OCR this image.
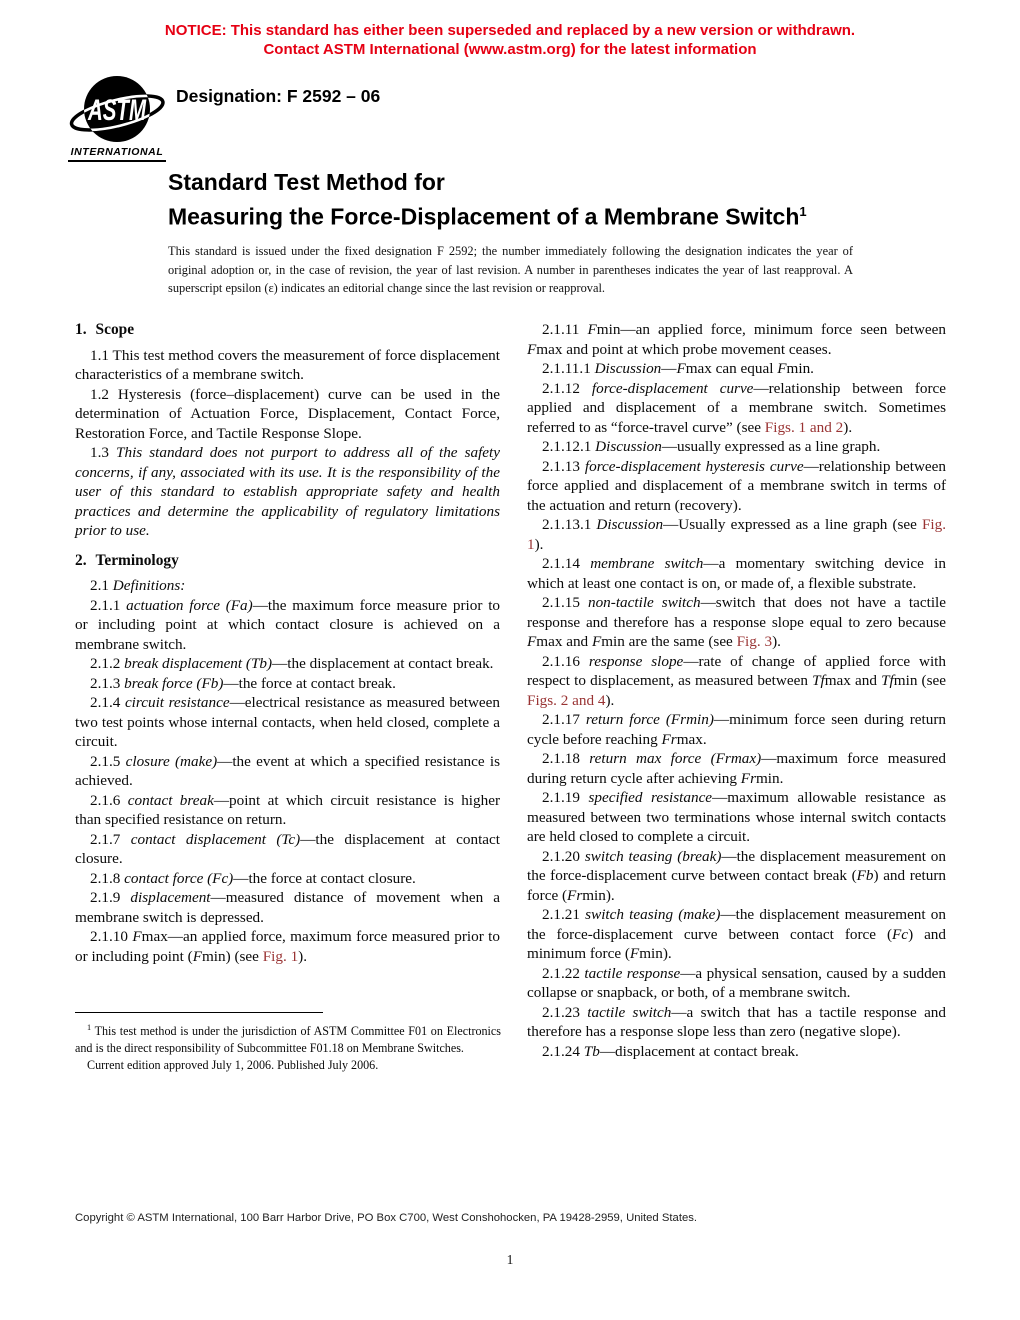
NOTICE: This standard has either been superseded and replaced by a new version or withdrawn.
Contact ASTM International (www.astm.org) for the latest information
ASTM
INTERNATIONAL
Designation: F 2592 – 06
Standard Test Method for
Measuring the Force-Displacement of a Membrane Switch$^1$

This standard is issued under the fixed designation F 2592; the number immediately following the designation indicates the year of original adoption or, in the case of revision, the year of last revision. A number in parentheses indicates the year of last reapproval. A superscript epsilon (ε) indicates an editorial change since the last revision or reapproval.

1. Scope

1.1 This test method covers the measurement of force displacement characteristics of a membrane switch.

1.2 Hysteresis (force–displacement) curve can be used in the determination of Actuation Force, Displacement, Contact Force, Restoration Force, and Tactile Response Slope.

1.3 This standard does not purport to address all of the safety concerns, if any, associated with its use. It is the responsibility of the user of this standard to establish appropriate safety and health practices and determine the applicability of regulatory limitations prior to use.

2. Terminology

2.1 Definitions:

2.1.1 actuation force (Fa)—the maximum force measure prior to or including point at which contact closure is achieved on a membrane switch.

2.1.2 break displacement (Tb)—the displacement at contact break.

2.1.3 break force (Fb)—the force at contact break.

2.1.4 circuit resistance—electrical resistance as measured between two test points whose internal contacts, when held closed, complete a circuit.

2.1.5 closure (make)—the event at which a specified resistance is achieved.

2.1.6 contact break—point at which circuit resistance is higher than specified resistance on return.

2.1.7 contact displacement (Tc)—the displacement at contact closure.

2.1.8 contact force (Fc)—the force at contact closure.

2.1.9 displacement—measured distance of movement when a membrane switch is depressed.

2.1.10 Fmax—an applied force, maximum force measured prior to or including point (Fmin) (see Fig. 1).

2.1.11 Fmin—an applied force, minimum force seen between Fmax and point at which probe movement ceases.

2.1.11.1 Discussion—Fmax can equal Fmin.

2.1.12 force-displacement curve—relationship between force applied and displacement of a membrane switch. Sometimes referred to as “force-travel curve” (see Figs. 1 and 2).

2.1.12.1 Discussion—usually expressed as a line graph.

2.1.13 force-displacement hysteresis curve—relationship between force applied and displacement of a membrane switch in terms of the actuation and return (recovery).

2.1.13.1 Discussion—Usually expressed as a line graph (see Fig. 1).

2.1.14 membrane switch—a momentary switching device in which at least one contact is on, or made of, a flexible substrate.

2.1.15 non-tactile switch—switch that does not have a tactile response and therefore has a response slope equal to zero because Fmax and Fmin are the same (see Fig. 3).

2.1.16 response slope—rate of change of applied force with respect to displacement, as measured between Tfmax and Tfmin (see Figs. 2 and 4).

2.1.17 return force (Frmin)—minimum force seen during return cycle before reaching Frmax.

2.1.18 return max force (Frmax)—maximum force measured during return cycle after achieving Frmin.

2.1.19 specified resistance—maximum allowable resistance as measured between two terminations whose internal switch contacts are held closed to complete a circuit.

2.1.20 switch teasing (break)—the displacement measurement on the force-displacement curve between contact break (Fb) and return force (Frmin).

2.1.21 switch teasing (make)—the displacement measurement on the force-displacement curve between contact force (Fc) and minimum force (Fmin).

2.1.22 tactile response—a physical sensation, caused by a sudden collapse or snapback, or both, of a membrane switch.

2.1.23 tactile switch—a switch that has a tactile response and therefore has a response slope less than zero (negative slope).

2.1.24 Tb—displacement at contact break.

$^1$ This test method is under the jurisdiction of ASTM Committee F01 on Electronics and is the direct responsibility of Subcommittee F01.18 on Membrane Switches.

Current edition approved July 1, 2006. Published July 2006.

Copyright © ASTM International, 100 Barr Harbor Drive, PO Box C700, West Conshohocken, PA 19428-2959, United States.

1
